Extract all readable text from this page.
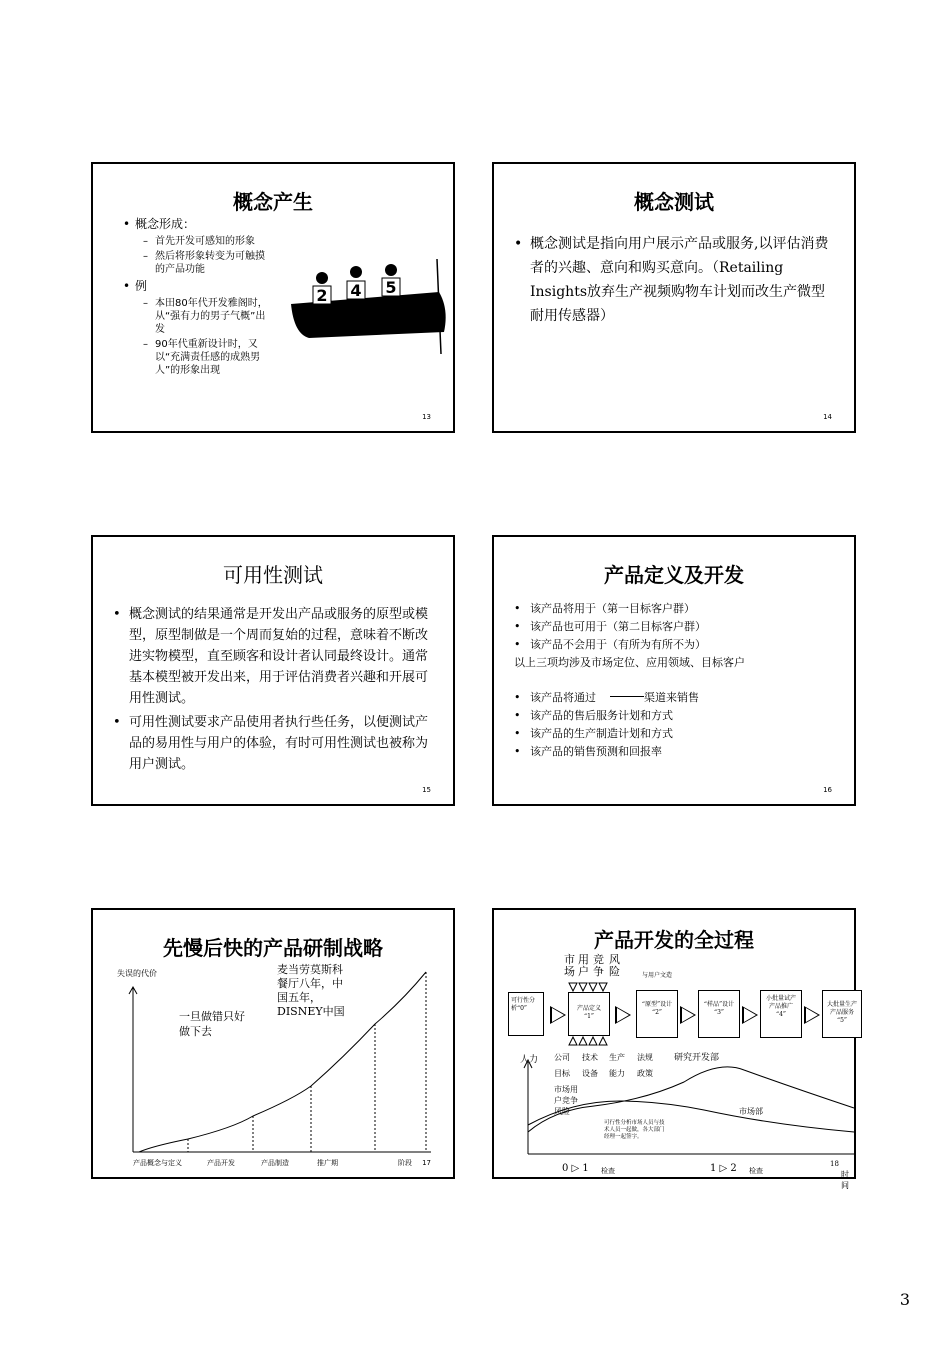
概念产生
• 概念形成：
– 首先开发可感知的形象
– 然后将形象转变为可触摸的产品功能
• 例
– 本田80年代开发雅阁时，从“强有力的男子气概”出发
– 90年代重新设计时，又以“充满责任感的成熟男人”的形象出现
2 4 5
13
概念测试
• 概念测试是指向用户展示产品或服务,以评估消费者的兴趣、意向和购买意向。（Retailing Insights放弃生产视频购物车计划而改生产微型耐用传感器）
14
可用性测试
• 概念测试的结果通常是开发出产品或服务的原型或模型，原型制做是一个周而复始的过程，意味着不断改进实物模型，直至顾客和设计者认同最终设计。通常基本模型被开发出来，用于评估消费者兴趣和开展可用性测试。
• 可用性测试要求产品使用者执行些任务，以便测试产品的易用性与用户的体验，有时可用性测试也被称为用户测试。
15
产品定义及开发
• 该产品将用于（第一目标客户群）
• 该产品也可用于（第二目标客户群）
• 该产品不会用于（有所为有所不为）
以上三项均涉及市场定位、应用领域、目标客户
• 该产品将通过	渠道来销售
• 该产品的售后服务计划和方式
• 该产品的生产制造计划和方式
• 该产品的销售预测和回报率
16
先慢后快的产品研制战略
失误的代价
一旦做错只好做下去
麦当劳莫斯科餐厅八年，中国五年，DISNEY中国
产品概念与定义	产品开发	产品制造	推广期	阶段 17
产品开发的全过程
市场
用户
竞争
风险	与用户文造
可行性分析“0”	产品定义
“1”
“原型”设计
“2”
“样品”设计
“3”
小批量试产
产品推广
“4”
大批量生产
产品服务
“5”
人力 公司 技术 生产 法规
目标 设备 能力 政策
研究开发部
市场用户竞争风险	市场部
可行性分析市场人员与技术人员一起做，各大部门经理一起签字。
0 ▷ 1 检查	1 ▷ 2 检查
18
时间
3
